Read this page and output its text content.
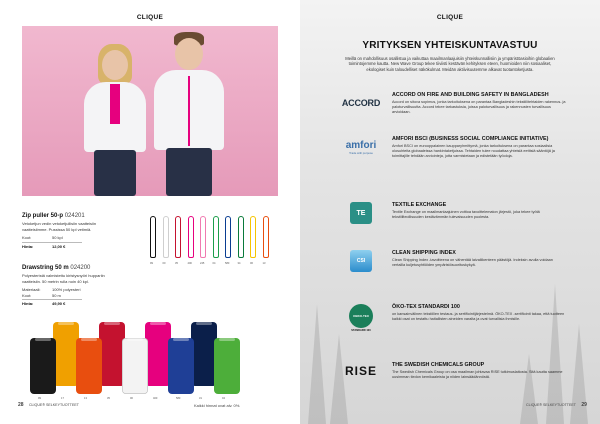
CLIQUE
Zip puller 50-p 024201
Vetoketjun vedin vetoketjullisiin vaatteisiin
vaatteisiimme. Pussissa 50 kpl vetimiä.
Koot:	50 kpl
Hinta:	12,00 €
99	00	35	400	245	04	580	34	06	13
Drawstring 50 m 024200
Polyesteristä valmistettu kiristysnyöri huppariin
vaatteisiin. 50 metrin rulla noin 40 kpl.
Materiaali:	100% polyesteri
Koot:	50 m
Hinta:	49,90 €
99	17	13	35	00	400	580	31	04
28 CLIQUE® SELKEYTUOTTEET	Kaikki hinnat ovat alv. 0%.
CLIQUE
YRITYKSEN YHTEISKUNTAVASTUU
Meillä on mahdollisuus osallistua ja vaikuttaa maailmanlaajuisiin yhteiskunnallisiin ja ympäristöasioihin globaalien toimintojemme kautta. New Wave Group tekee tiiviisti kestävän kehityksen eteen, huomioiden niin sosiaaliset, ekologiset kuin taloudelliset näkökulmat. Meidän aktiivisuutemme alkavat tuotantoketjusta.
ACCORD
ACCORD ON FIRE AND BUILDING SAFETY IN BANGLADESH

Accord on sitova sopimus, jonka tarkoituksena on parantaa Bangladeshin tekstiilitehtaiden rakennus- ja paloturvallisuutta. Accord tekee tarkastuksia, joissa paloturvallisuus ja rakennusten turvallisuus arvioidaan.

amfori
Trade with purpose
AMFORI BSCI (BUSINESS SOCIAL COMPLIANCE INITIATIVE)

Amfori BSCI on eurooppalainen kaupparyhmittymä, jonka tarkoituksena on parantaa sosiaalisia olosuhteita globaaleissa hankintaketjuissa. Tehtaiden tulee noudattaa yhteisiä eettisiä sääntöjä ja toimittajille tehdään arviointeja, jotta varmistetaan ja edistetään työoloja.

TE
TEXTILE EXCHANGE

Textile Exchange on maailmanlaajuinen voittoa tavoittelematon järjestö, joka tekee työtä tekstiiliteollisuuden kestävämmän tulevaisuuden puolesta.

CSI
CLEAN SHIPPING INDEX

Clean Shipping Index -tavoitteena on vähentää laivaliikenteen päästöjä. Indeksin avulla voidaan vertailla kuljetusyhtiöiden ympäristösuorituskykyä.

OEKO-TEX
STANDARD 100
ÖKO-TEX STANDARDI 100

on kansainvälinen tekstiilien testaus- ja sertifiointijärjestelmä. ÖKO-TEX -sertifiointi takaa, että tuotteen kaikki osat on testattu haitallisten aineiden varalta ja ovat turvallisia ihmisille.

RISE	THE SWEDISH CHEMICALS GROUP

The Swedish Chemicals Group on osa maailman johtavaa RISE tutkimuslaitosta. Sitä kautta saamme uusimman tiedon kemikaaleista ja niiden lainsäädännöstä.

CLIQUE® SELKEYTUOTTEET 29
